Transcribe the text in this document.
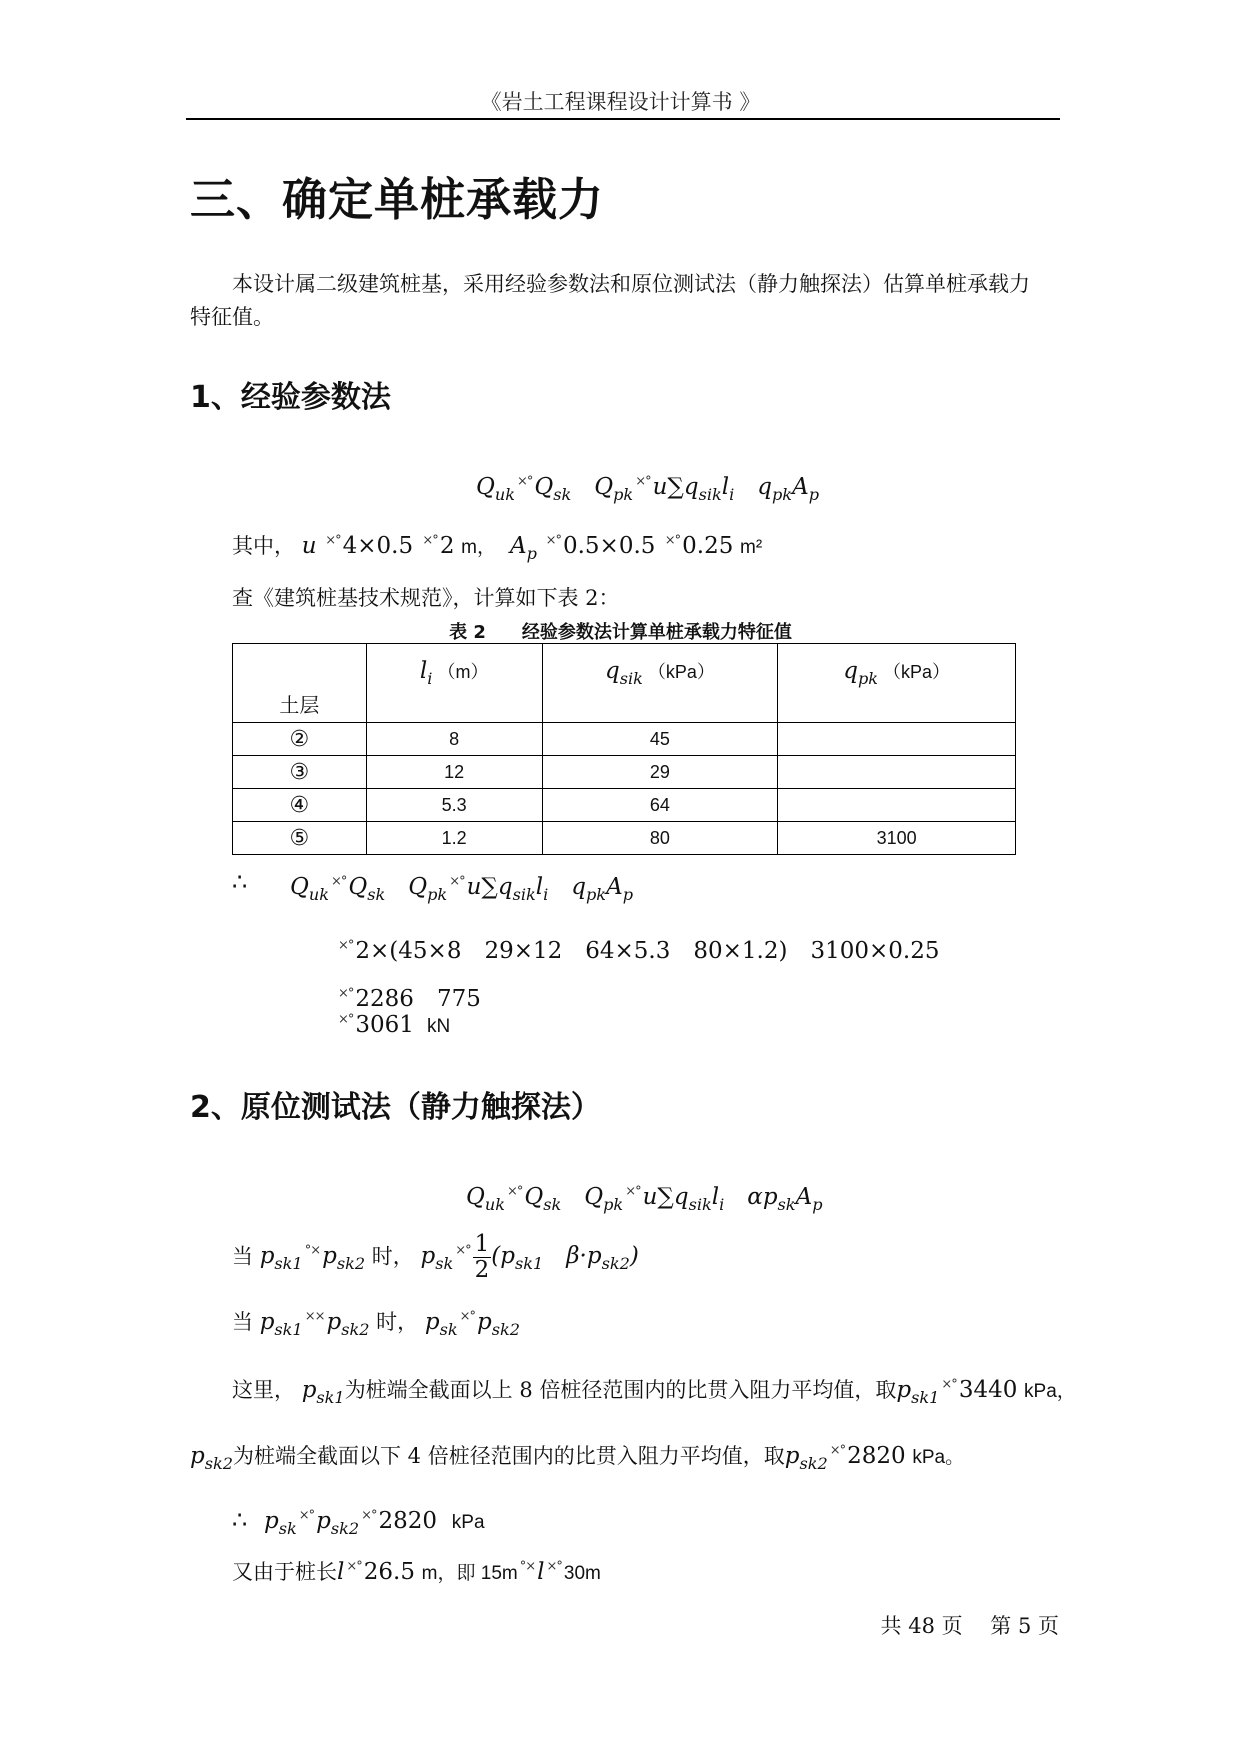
《岩土工程课程设计计算书 》
三、确定单桩承载力
本设计属二级建筑桩基，采用经验参数法和原位测试法（静力触探法）估算单桩承载力
特征值。
1、经验参数法
$Q_{uk}^{\times^\circ}Q_{sk}$　$Q_{pk}^{\times^\circ}u\sum q_{sik}l_i$　$q_{pk}A_p$
其中， u ×°4×0.5 ×°2 m，  $A_p$ ×°0.5×0.5 ×°0.25 m²
查《建筑桩基技术规范》，计算如下表 2：
表 2　　经验参数法计算单桩承载力特征值
土层	$l_i$ （m）	$q_{sik}$ （kPa）	$q_{pk}$ （kPa）
②	8	45	
③	12	29	
④	5.3	64	
⑤	1.2	80	3100
∴ $Q_{uk}^{\times^\circ}Q_{sk}$　$Q_{pk}^{\times^\circ}u\sum q_{sik}l_i$　$q_{pk}A_p$
×°2×(45×8　29×12　64×5.3　80×1.2)　3100×0.25
×°2286　775
×°3061 kN
2、原位测试法（静力触探法）
$Q_{uk}^{\times^\circ}Q_{sk}$　$Q_{pk}^{\times^\circ}u\sum q_{sik}l_i$　 $\alpha p_{sk}A_p$
当 $p_{sk1}^{^\circ\times}p_{sk2}$ 时， $p_{sk}^{\times^\circ} \frac{1}{2} (p_{sk1}$　$\beta\cdot p_{sk2}$)
当 $p_{sk1}^{\times\times}p_{sk2}$ 时， $p_{sk}^{\times^\circ}p_{sk2}$
这里， $p_{sk1}$为桩端全截面以上 8 倍桩径范围内的比贯入阻力平均值，取$p_{sk1}^{\times^\circ}3440$ kPa，
$p_{sk2}$为桩端全截面以下 4 倍桩径范围内的比贯入阻力平均值，取$p_{sk2}^{\times^\circ}2820$ kPa。
∴ $p_{sk}^{\times^\circ}p_{sk2}^{\times^\circ}2820$ kPa
又由于桩长l ×°26.5 m，即 15m °×l ×° 30m
共 48 页　 第 5 页
